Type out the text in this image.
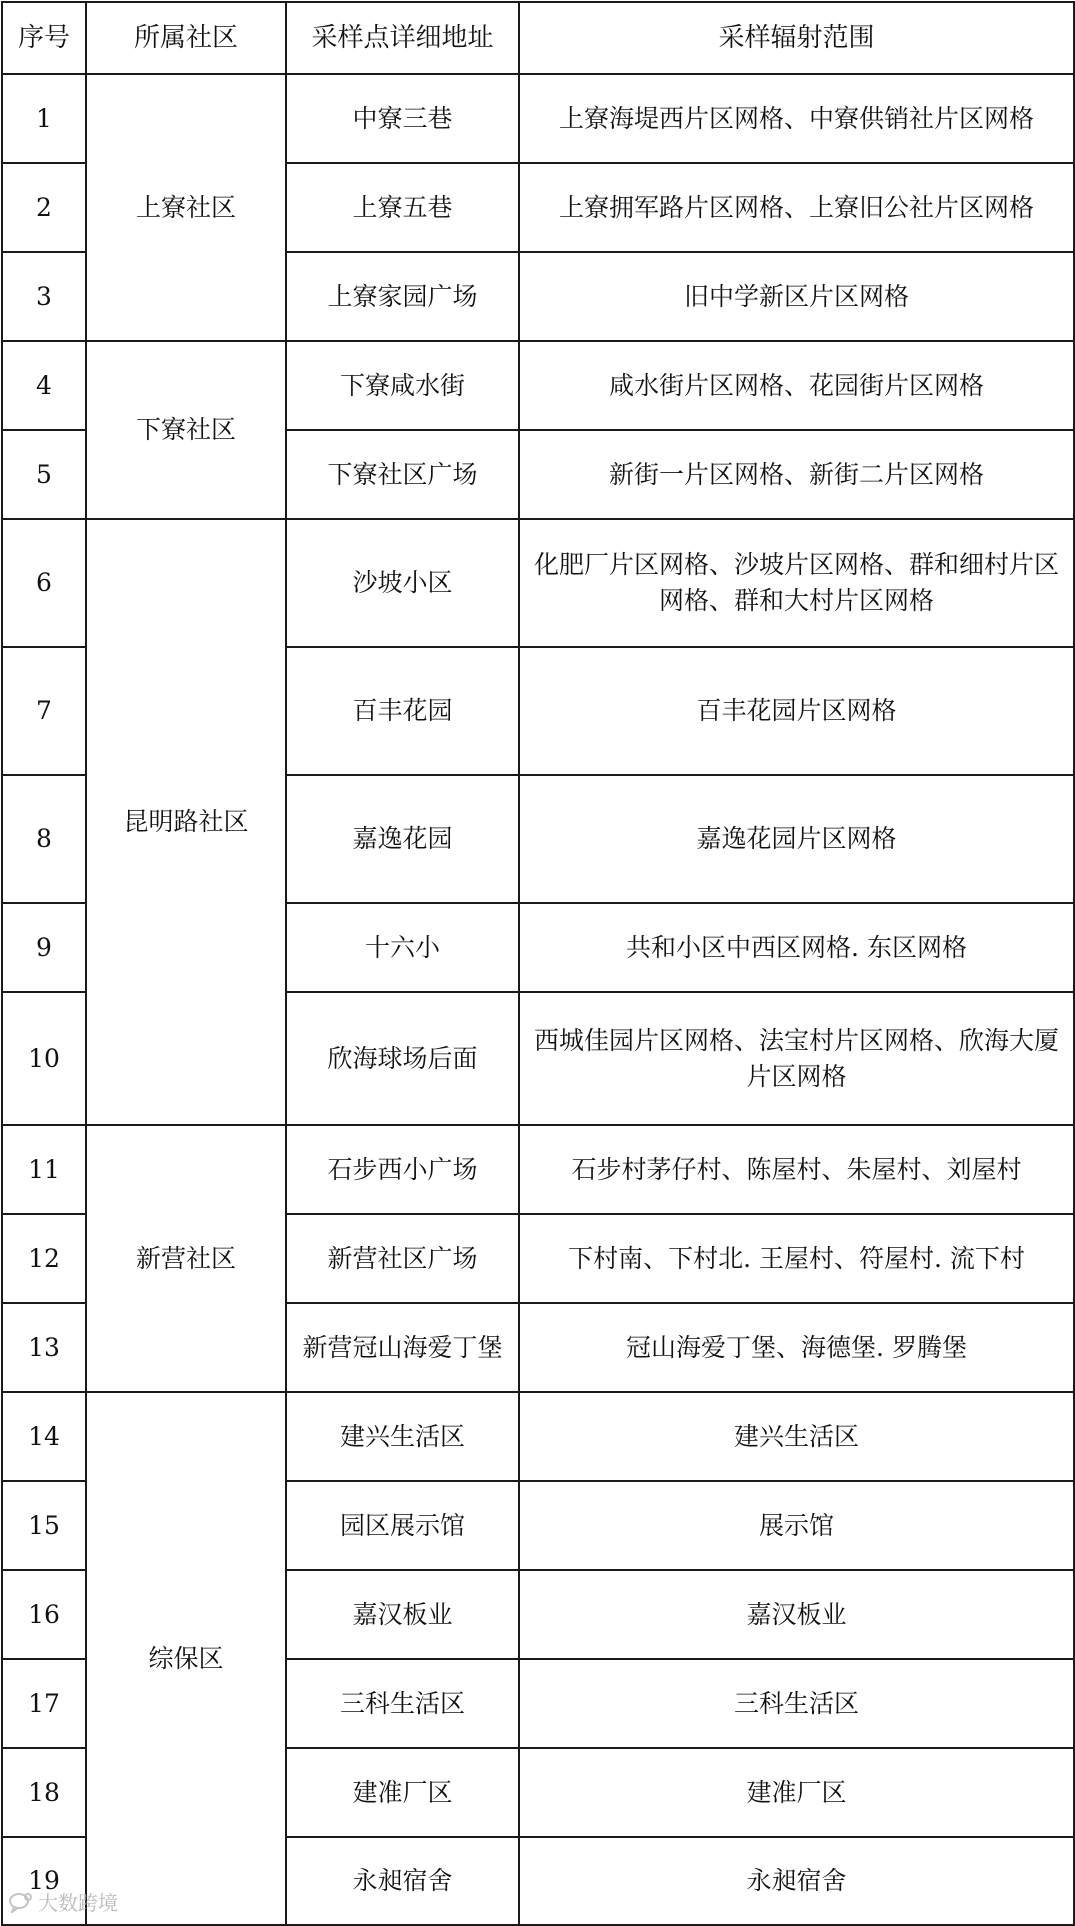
序号	所属社区	采样点详细地址	采样辐射范围
1	上寮社区	中寮三巷	上寮海堤西片区网格、中寮供销社片区网格
2		上寮五巷	上寮拥军路片区网格、上寮旧公社片区网格
3		上寮家园广场	旧中学新区片区网格
4	下寮社区	下寮咸水街	咸水街片区网格、花园街片区网格
5		下寮社区广场	新街一片区网格、新街二片区网格
6	昆明路社区	沙坡小区	化肥厂片区网格、沙坡片区网格、群和细村片区网格、群和大村片区网格
7		百丰花园	百丰花园片区网格
8		嘉逸花园	嘉逸花园片区网格
9		十六小	共和小区中西区网格. 东区网格
10		欣海球场后面	西城佳园片区网格、法宝村片区网格、欣海大厦片区网格
11	新营社区	石步西小广场	石步村茅仔村、陈屋村、朱屋村、刘屋村
12		新营社区广场	下村南、下村北. 王屋村、符屋村. 流下村
13		新营冠山海爱丁堡	冠山海爱丁堡、海德堡. 罗腾堡
14	综保区	建兴生活区	建兴生活区
15		园区展示馆	展示馆
16		嘉汉板业	嘉汉板业
17		三科生活区	三科生活区
18		建准厂区	建准厂区
19		永昶宿舍	永昶宿舍
大数跨境
